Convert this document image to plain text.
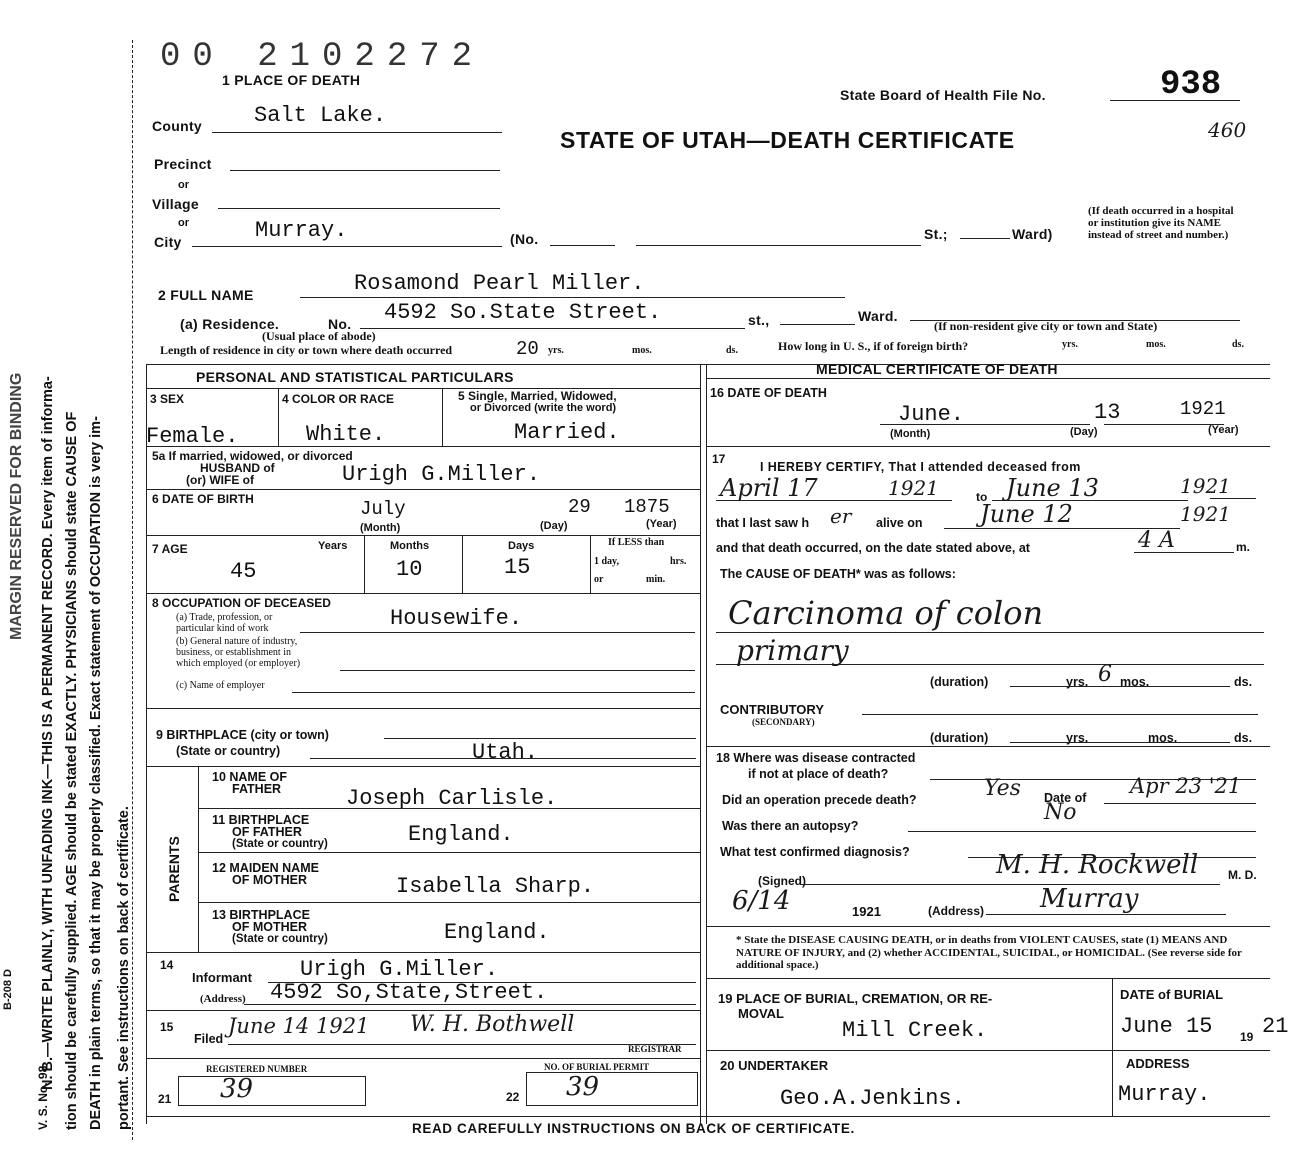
MARGIN RESERVED FOR BINDING
B-208 D
V. S. No. 98
N. B.—WRITE PLAINLY, WITH UNFADING INK—THIS IS A PERMANENT RECORD. Every item of informa- tion should be carefully supplied. AGE should be stated EXACTLY. PHYSICIANS should state CAUSE OF DEATH in plain terms, so that it may be properly classified. Exact statement of OCCUPATION is very im- portant. See instructions on back of certificate.
00 2102272
1 PLACE OF DEATH
State Board of Health File No.	938
460
STATE OF UTAH—DEATH CERTIFICATE
County Salt Lake.
Precinct
or
Village
or
City	Murray.	(No.	St.;	Ward)
(If death occurred in a hospital or institution give its NAME instead of street and number.)
2 FULL NAME	Rosamond Pearl Miller.
(a) Residence.	No. 4592 So.State Street.	st.,	Ward.
(Usual place of abode)
(If non-resident give city or town and State)
Length of residence in city or town where death occurred	20 yrs.	mos.	ds.	How long in U. S., if of foreign birth?	yrs.	mos.	ds.
PERSONAL AND STATISTICAL PARTICULARS
3 SEX	4 COLOR OR RACE	5 Single, Married, Widowed,
or Divorced (write the word)
Female.	White.	Married.
5a If married, widowed, or divorced
HUSBAND of
(or) WIFE of	Urigh G.Miller.
6 DATE OF BIRTH	July	29 1875
(Month)	(Day)	(Year)
7 AGE	Years	Months	Days	If LESS than
1 day,	hrs.
or	min.
45	10	15
8 OCCUPATION OF DECEASED
(a) Trade, profession, or
particular kind of work
(b) General nature of industry,
business, or establishment in
which employed (or employer)
(c) Name of employer
Housewife.
9 BIRTHPLACE (city or town)
(State or country)	Utah.
PARENTS
10 NAME OF
FATHER	Joseph Carlisle.
11 BIRTHPLACE
OF FATHER
(State or country)	England.
12 MAIDEN NAME
OF MOTHER	Isabella Sharp.
13 BIRTHPLACE
OF MOTHER
(State or country)	England.
14
Informant Urigh G.Miller.
(Address) 4592 So,State,Street.
15
Filed
June 14 1921 W. H. Bothwell
REGISTRAR
REGISTERED NUMBER
21 39
NO. OF BURIAL PERMIT
22 39
MEDICAL CERTIFICATE OF DEATH
16 DATE OF DEATH
June.	13	1921
(Month)	(Day)	(Year)
17
I HEREBY CERTIFY, That I attended deceased from
April 17	1921	to June 13	1921
that I last saw h er alive on June 12	1921
and that death occurred, on the date stated above, at	4 A	m.
The CAUSE OF DEATH* was as follows:
Carcinoma of colon
primary
(duration)	yrs. 6 mos.	ds.
CONTRIBUTORY
(SECONDARY)
(duration)	yrs.	mos.	ds.
18 Where was disease contracted
if not at place of death?
Did an operation precede death?	Yes Date of Apr 23 '21
Was there an autopsy?
No
What test confirmed diagnosis?	M. H. Rockwell
(Signed)	M. D.
6/14	1921	(Address) Murray
* State the DISEASE CAUSING DEATH, or in deaths from VIOLENT CAUSES, state (1) MEANS AND NATURE OF INJURY, and (2) whether ACCIDENTAL, SUICIDAL, or HOMICIDAL. (See reverse side for additional space.)
19 PLACE OF BURIAL, CREMATION, OR RE-
MOVAL
Mill Creek.
DATE of BURIAL
June 15 19 21
20 UNDERTAKER
Geo.A.Jenkins.
ADDRESS
Murray.
READ CAREFULLY INSTRUCTIONS ON BACK OF CERTIFICATE.
